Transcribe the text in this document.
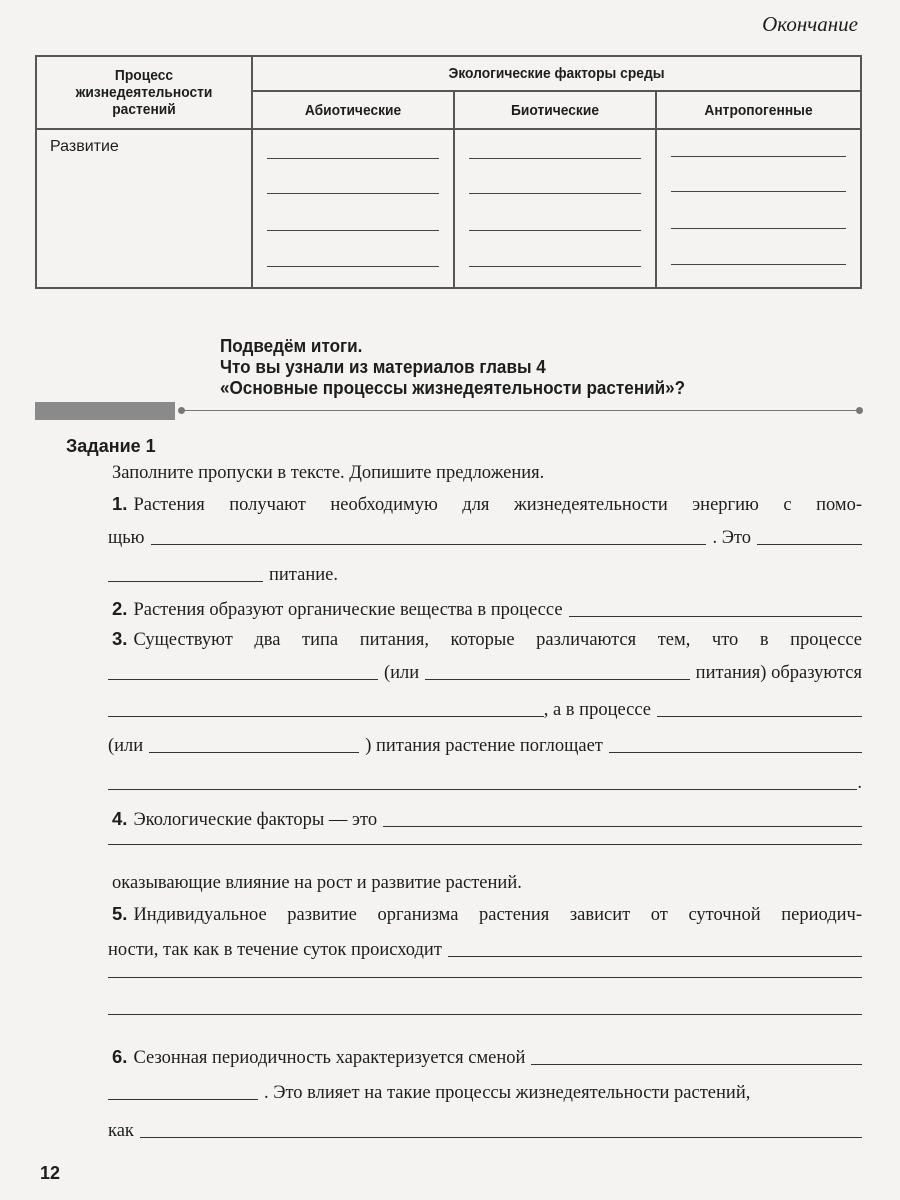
Окончание
Процесс жизнедеятельности растений	Экологические факторы среды		
	Абиотические	Биотические	Антропогенные
Развитие	

Подведём итоги.
Что вы узнали из материалов главы 4
«Основные процессы жизнедеятельности растений»?
Задание 1
Заполните пропуски в тексте. Допишите предложения.
1. Растения получают необходимую для жизнедеятельности энергию с помо-
щью	. Это
питание.
2. Растения образуют органические вещества в процессе
3. Существуют два типа питания, которые различаются тем, что в процессе
(или	питания) образуются
, а в процессе
(или	) питания растение поглощает
.
4. Экологические факторы — это
оказывающие влияние на рост и развитие растений.
5. Индивидуальное развитие организма растения зависит от суточной периодич-
ности, так как в течение суток происходит
6. Сезонная периодичность характеризуется сменой
. Это влияет на такие процессы жизнедеятельности растений,
как
12
